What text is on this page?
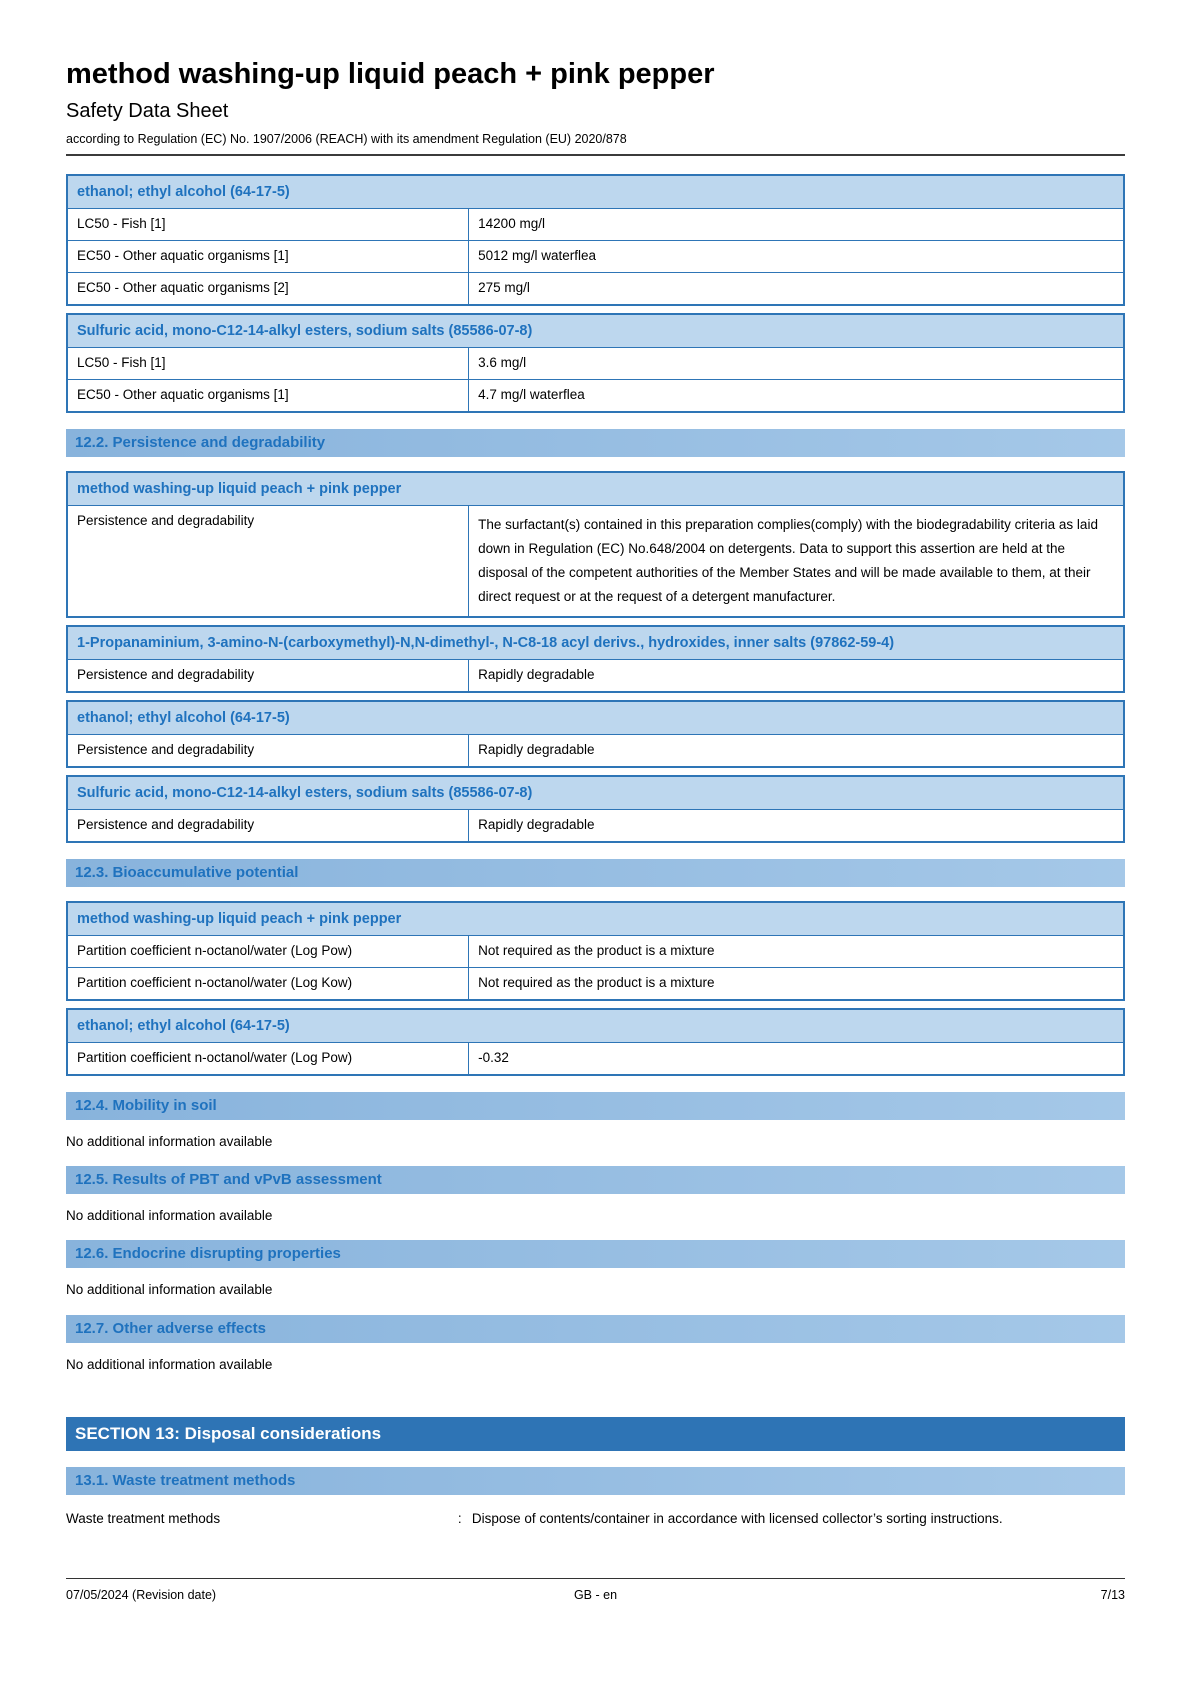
method washing-up liquid peach + pink pepper
Safety Data Sheet
according to Regulation (EC) No. 1907/2006 (REACH) with its amendment Regulation (EU) 2020/878
ethanol; ethyl alcohol (64-17-5)	
LC50 - Fish [1]	14200 mg/l
EC50 - Other aquatic organisms [1]	5012 mg/l waterflea
EC50 - Other aquatic organisms [2]	275 mg/l
Sulfuric acid, mono-C12-14-alkyl esters, sodium salts (85586-07-8)	
LC50 - Fish [1]	3.6 mg/l
EC50 - Other aquatic organisms [1]	4.7 mg/l waterflea
12.2. Persistence and degradability
method washing-up liquid peach + pink pepper
Persistence and degradability	The surfactant(s) contained in this preparation complies(comply) with the biodegradability criteria as laid down in Regulation (EC) No.648/2004 on detergents. Data to support this assertion are held at the disposal of the competent authorities of the Member States and will be made available to them, at their direct request or at the request of a detergent manufacturer.
1-Propanaminium, 3-amino-N-(carboxymethyl)-N,N-dimethyl-, N-C8-18 acyl derivs., hydroxides, inner salts (97862-59-4)
Persistence and degradability	Rapidly degradable
ethanol; ethyl alcohol (64-17-5)
Persistence and degradability	Rapidly degradable
Sulfuric acid, mono-C12-14-alkyl esters, sodium salts (85586-07-8)
Persistence and degradability	Rapidly degradable
12.3. Bioaccumulative potential
method washing-up liquid peach + pink pepper	
Partition coefficient n-octanol/water (Log Pow)	Not required as the product is a mixture
Partition coefficient n-octanol/water (Log Kow)	Not required as the product is a mixture
ethanol; ethyl alcohol (64-17-5)
Partition coefficient n-octanol/water (Log Pow)	-0.32
12.4. Mobility in soil

No additional information available

12.5. Results of PBT and vPvB assessment

No additional information available

12.6. Endocrine disrupting properties

No additional information available

12.7. Other adverse effects

No additional information available

SECTION 13: Disposal considerations
13.1. Waste treatment methods
Waste treatment methods	: Dispose of contents/container in accordance with licensed collector’s sorting instructions.
07/05/2024 (Revision date)	GB - en	7/13
